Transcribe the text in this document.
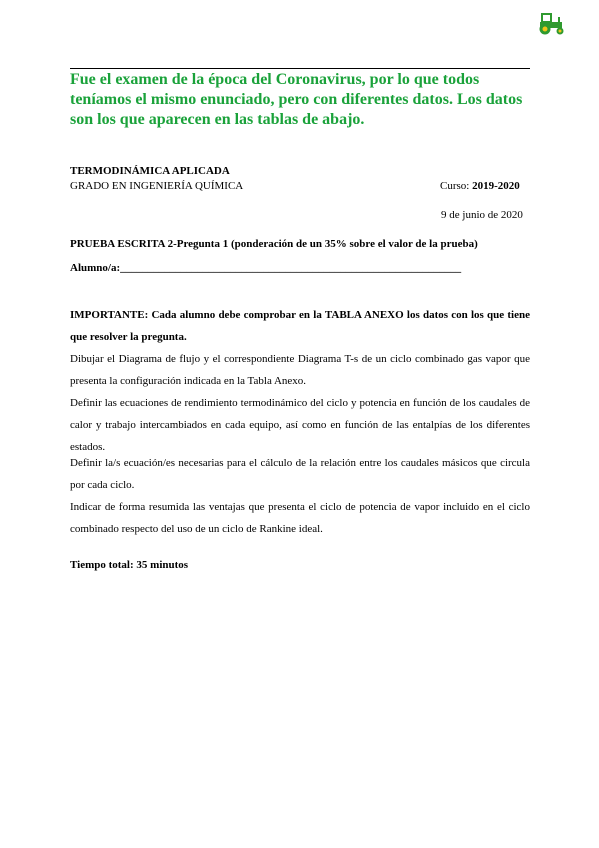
Fue el examen de la época del Coronavirus, por lo que todos teníamos el mismo enunciado, pero con diferentes datos. Los datos son los que aparecen en las tablas de abajo.
TERMODINÁMICA APLICADA
GRADO EN INGENIERÍA QUÍMICA	Curso: 2019-2020
9 de junio de 2020
PRUEBA ESCRITA 2-Pregunta 1 (ponderación de un 35% sobre el valor de la prueba)
Alumno/a:______________________________________________________________
IMPORTANTE: Cada alumno debe comprobar en la TABLA ANEXO los datos con los que tiene que resolver la pregunta.
Dibujar el Diagrama de flujo y el correspondiente Diagrama T-s de un ciclo combinado gas vapor que presenta la configuración indicada en la Tabla Anexo.
Definir las ecuaciones de rendimiento termodinámico del ciclo y potencia en función de los caudales de calor y trabajo intercambiados en cada equipo, así como en función de las entalpías de los diferentes estados.
Definir la/s ecuación/es necesarias para el cálculo de la relación entre los caudales másicos que circula por cada ciclo.
Indicar de forma resumida las ventajas que presenta el ciclo de potencia de vapor incluido en el ciclo combinado respecto del uso de un ciclo de Rankine ideal.
Tiempo total: 35 minutos
